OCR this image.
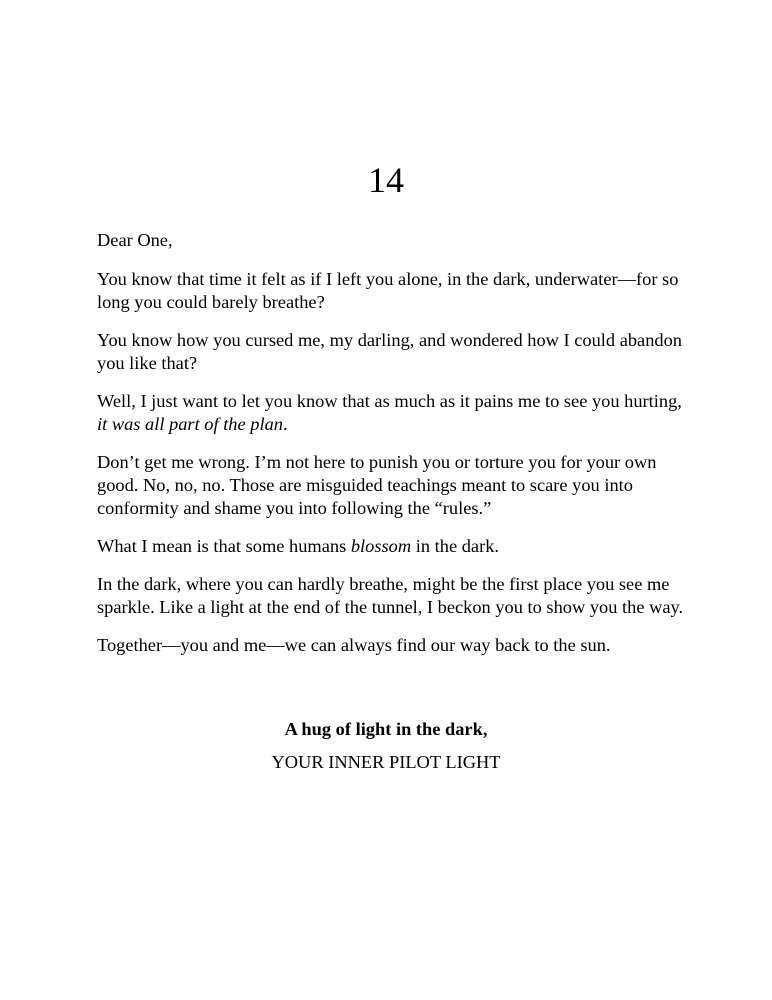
14

Dear One,

You know that time it felt as if I left you alone, in the dark, underwater—for so long you could barely breathe?

You know how you cursed me, my darling, and wondered how I could abandon you like that?

Well, I just want to let you know that as much as it pains me to see you hurting, it was all part of the plan.

Don’t get me wrong. I’m not here to punish you or torture you for your own good. No, no, no. Those are misguided teachings meant to scare you into conformity and shame you into following the “rules.”

What I mean is that some humans blossom in the dark.

In the dark, where you can hardly breathe, might be the first place you see me sparkle. Like a light at the end of the tunnel, I beckon you to show you the way.

Together—you and me—we can always find our way back to the sun.

A hug of light in the dark,
YOUR INNER PILOT LIGHT
